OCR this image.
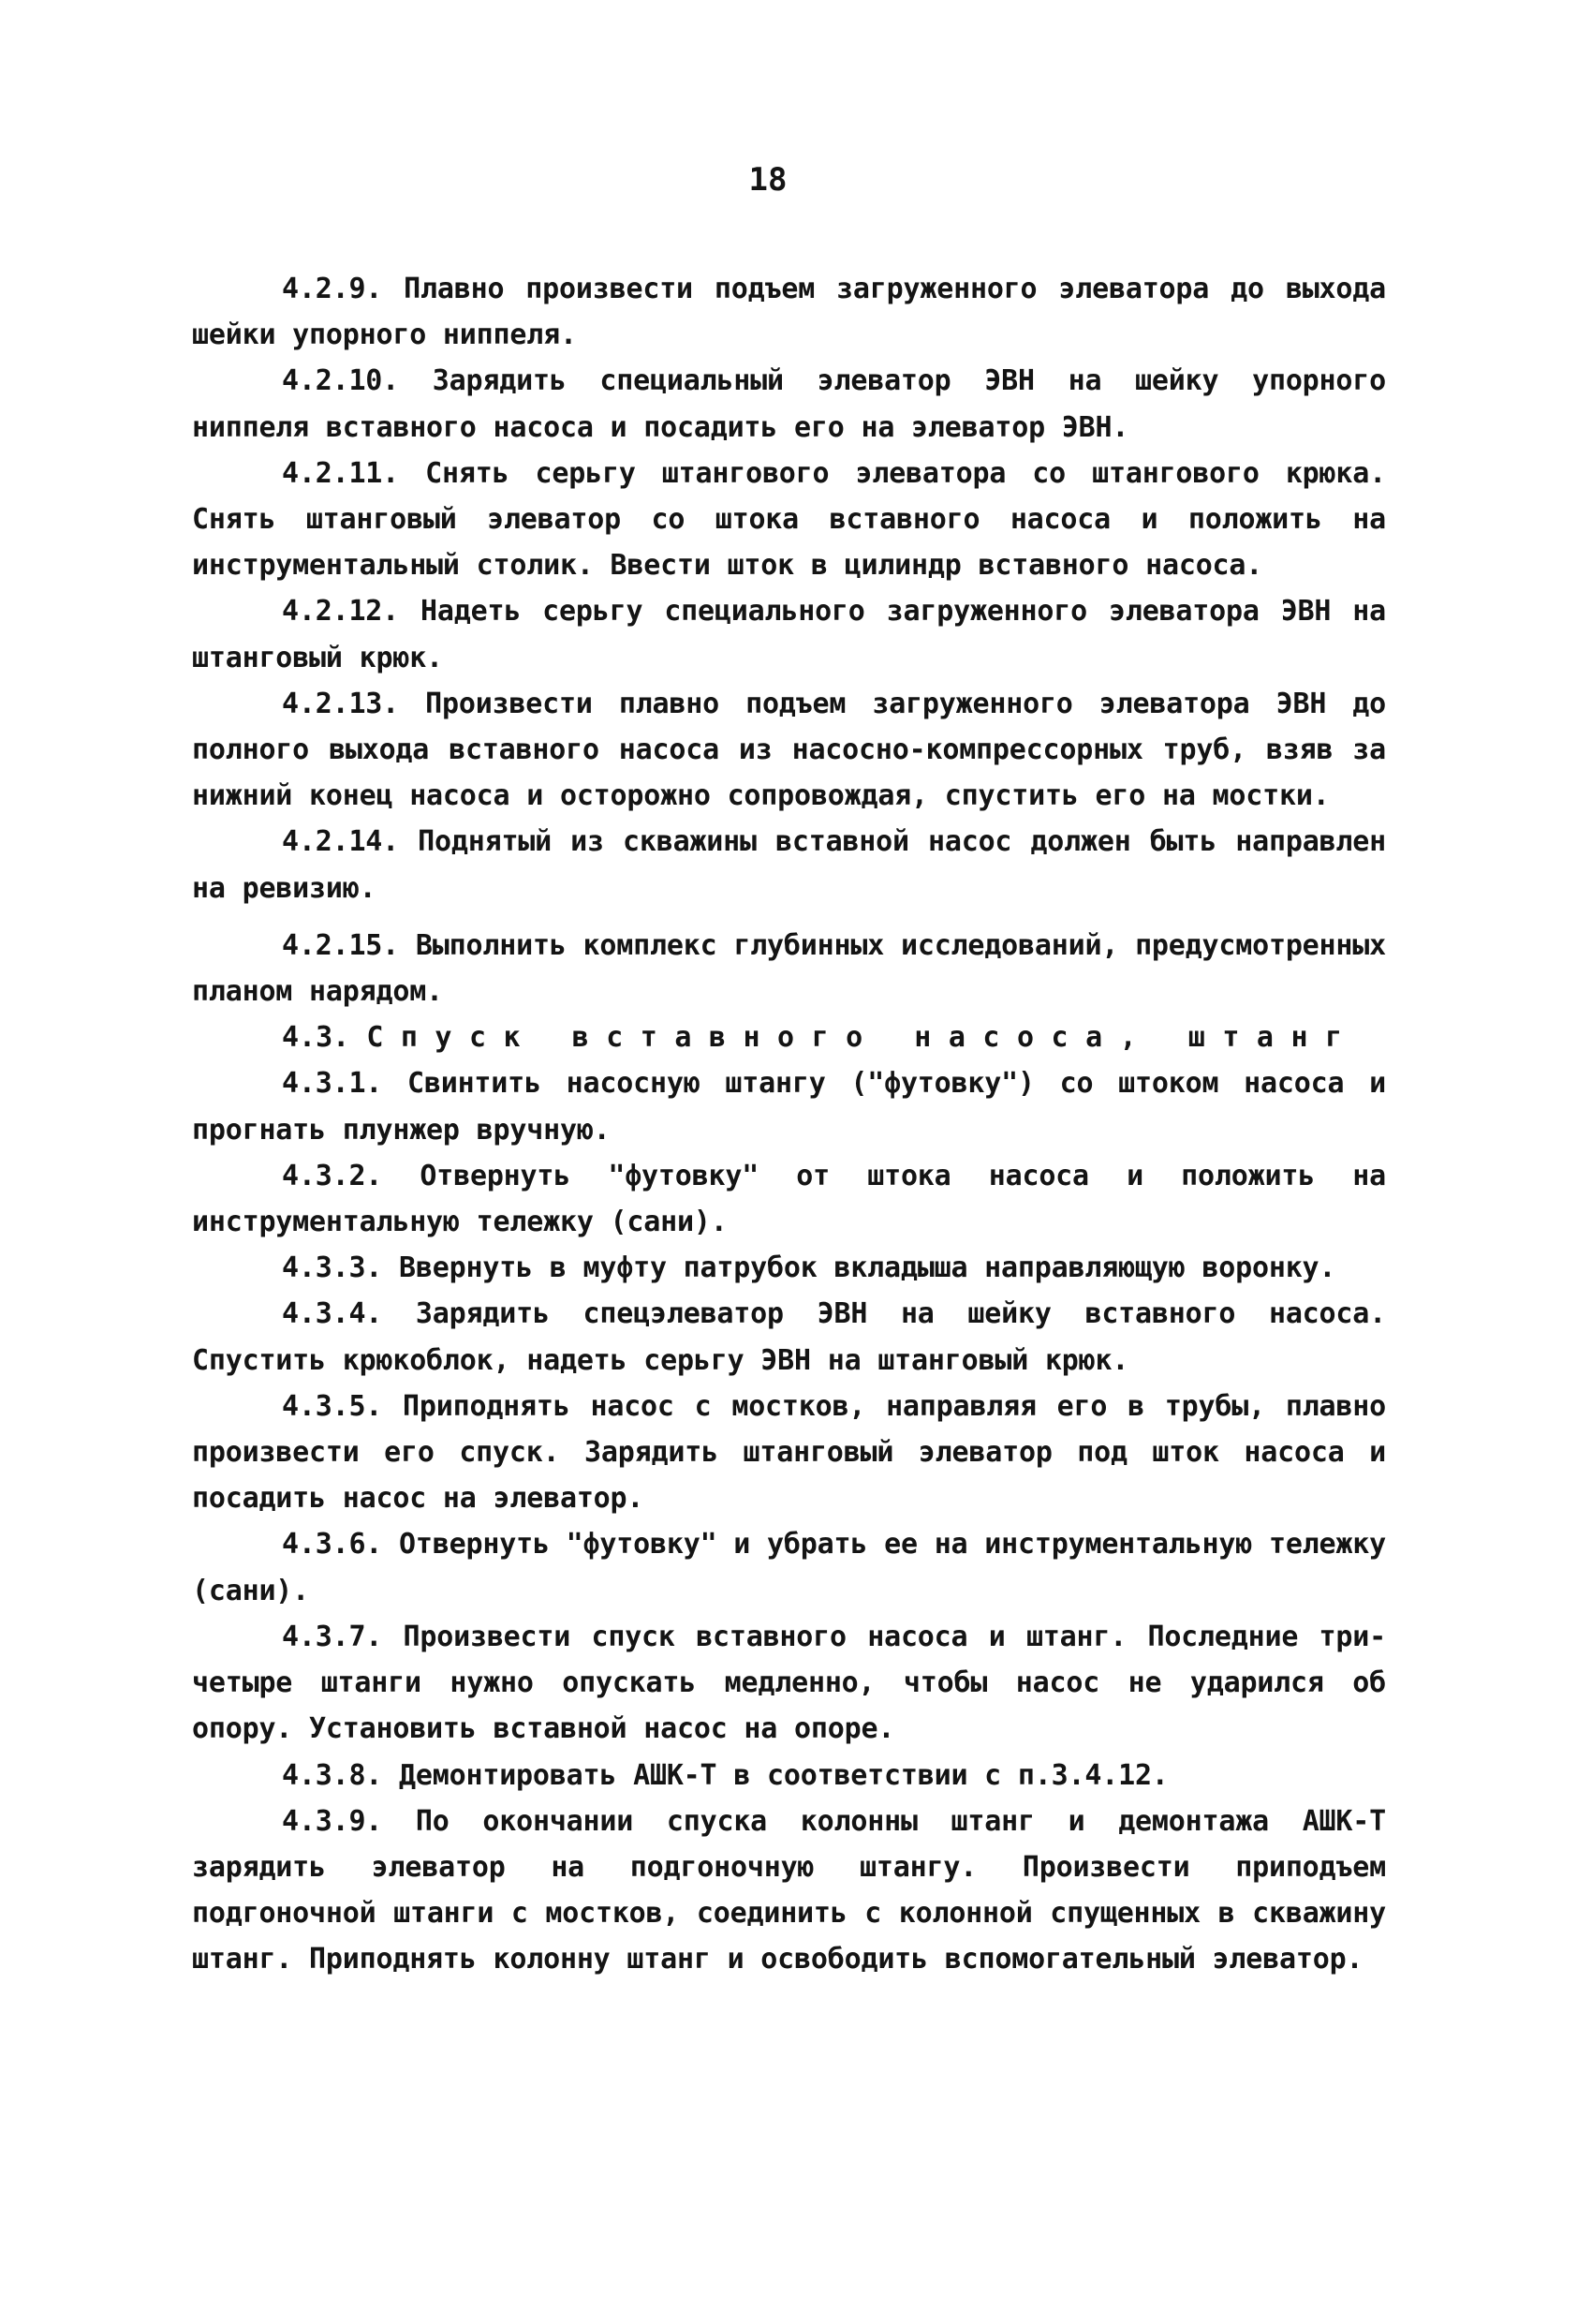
18

4.2.9. Плавно произвести подъем загруженного элеватора до выхода шейки упорного ниппеля.

4.2.10. Зарядить специальный элеватор ЭВН на шейку упорного ниппеля вставного насоса и посадить его на элеватор ЭВН.

4.2.11. Снять серьгу штангового элеватора со штангового крюка. Снять штанговый элеватор со штока вставного насоса и положить на инструментальный столик. Ввести шток в цилиндр вставного насоса.

4.2.12. Надеть серьгу специального загруженного элеватора ЭВН на штанговый крюк.

4.2.13. Произвести плавно подъем загруженного элеватора ЭВН до полного выхода вставного насоса из насосно-компрессорных труб, взяв за нижний конец насоса и осторожно сопровождая, спустить его на мостки.

4.2.14. Поднятый из скважины вставной насос должен быть направлен на ревизию.

4.2.15. Выполнить комплекс глубинных исследований, предусмотренных планом нарядом.

4.3. Спуск вставного насоса, штанг

4.3.1. Свинтить насосную штангу ("футовку") со штоком насоса и прогнать плунжер вручную.

4.3.2. Отвернуть "футовку" от штока насоса и положить на инструментальную тележку (сани).

4.3.3. Ввернуть в муфту патрубок вкладыша направляющую воронку.

4.3.4. Зарядить спецэлеватор ЭВН на шейку вставного насоса. Спустить крюкоблок, надеть серьгу ЭВН на штанговый крюк.

4.3.5. Приподнять насос с мостков, направляя его в трубы, плавно произвести его спуск. Зарядить штанговый элеватор под шток насоса и посадить насос на элеватор.

4.3.6. Отвернуть "футовку" и убрать ее на инструментальную тележку (сани).

4.3.7. Произвести спуск вставного насоса и штанг. Последние три-четыре штанги нужно опускать медленно, чтобы насос не ударился об опору. Установить вставной насос на опоре.

4.3.8. Демонтировать АШК-Т в соответствии с п.3.4.12.

4.3.9. По окончании спуска колонны штанг и демонтажа АШК-Т зарядить элеватор на подгоночную штангу. Произвести приподъем подгоночной штанги с мостков, соединить с колонной спущенных в скважину штанг. Приподнять колонну штанг и освободить вспомогательный элеватор.
